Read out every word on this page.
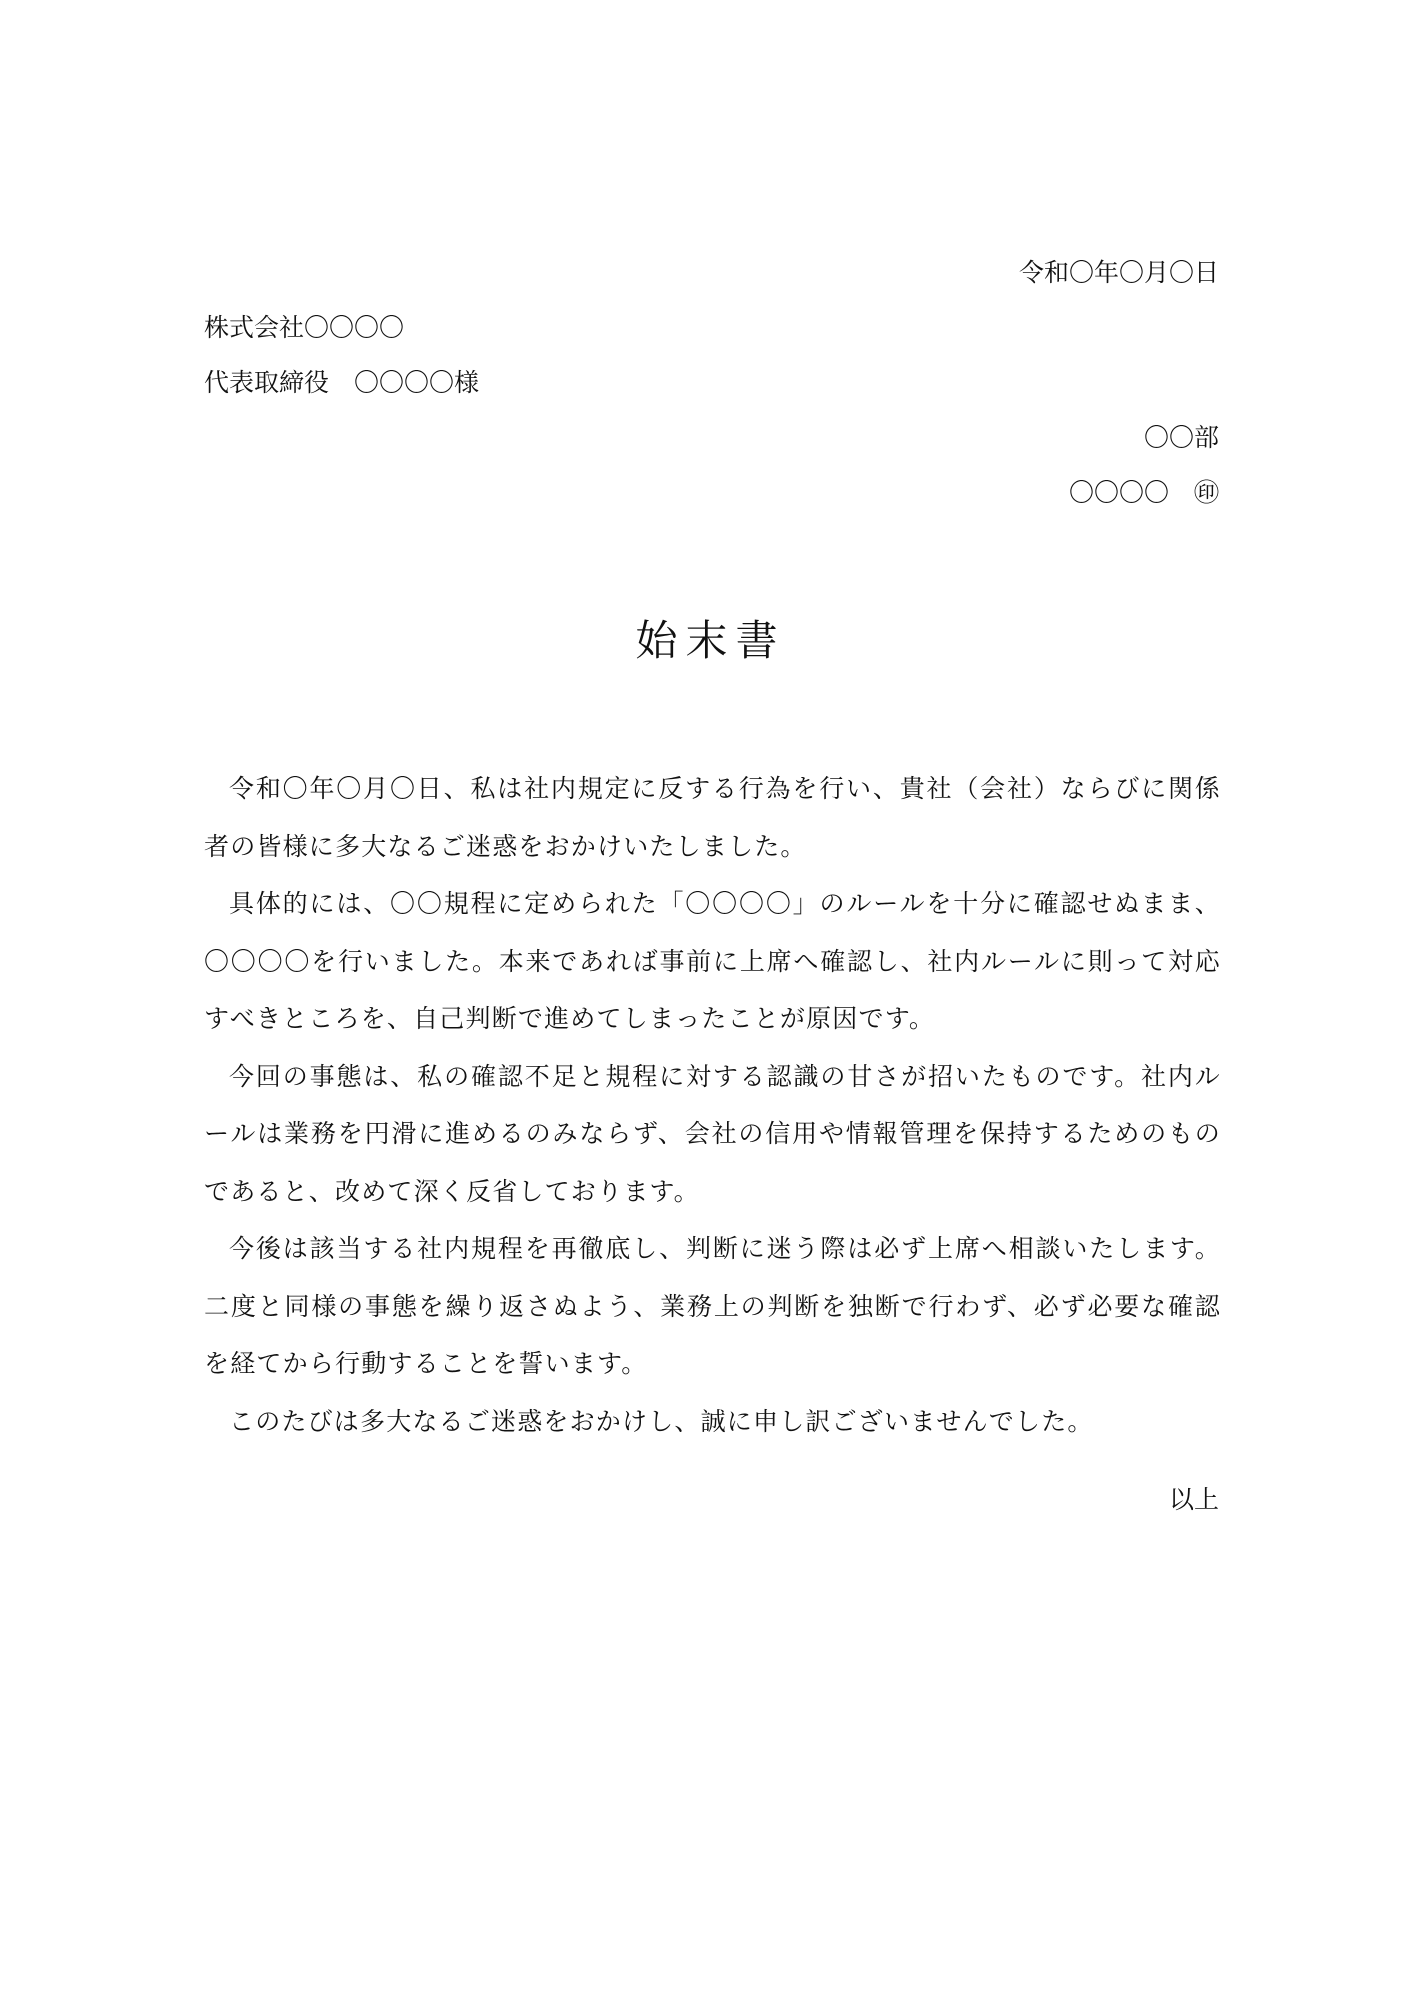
令和〇年〇月〇日
株式会社〇〇〇〇
代表取締役　〇〇〇〇様
〇〇部
〇〇〇〇　㊞
始末書

令和〇年〇月〇日、私は社内規定に反する行為を行い、貴社（会社）ならびに関係者の皆様に多大なるご迷惑をおかけいたしました。

具体的には、〇〇規程に定められた「〇〇〇〇」のルールを十分に確認せぬまま、〇〇〇〇を行いました。本来であれば事前に上席へ確認し、社内ルールに則って対応すべきところを、自己判断で進めてしまったことが原因です。

今回の事態は、私の確認不足と規程に対する認識の甘さが招いたものです。社内ルールは業務を円滑に進めるのみならず、会社の信用や情報管理を保持するためのものであると、改めて深く反省しております。

今後は該当する社内規程を再徹底し、判断に迷う際は必ず上席へ相談いたします。二度と同様の事態を繰り返さぬよう、業務上の判断を独断で行わず、必ず必要な確認を経てから行動することを誓います。

このたびは多大なるご迷惑をおかけし、誠に申し訳ございませんでした。

以上
